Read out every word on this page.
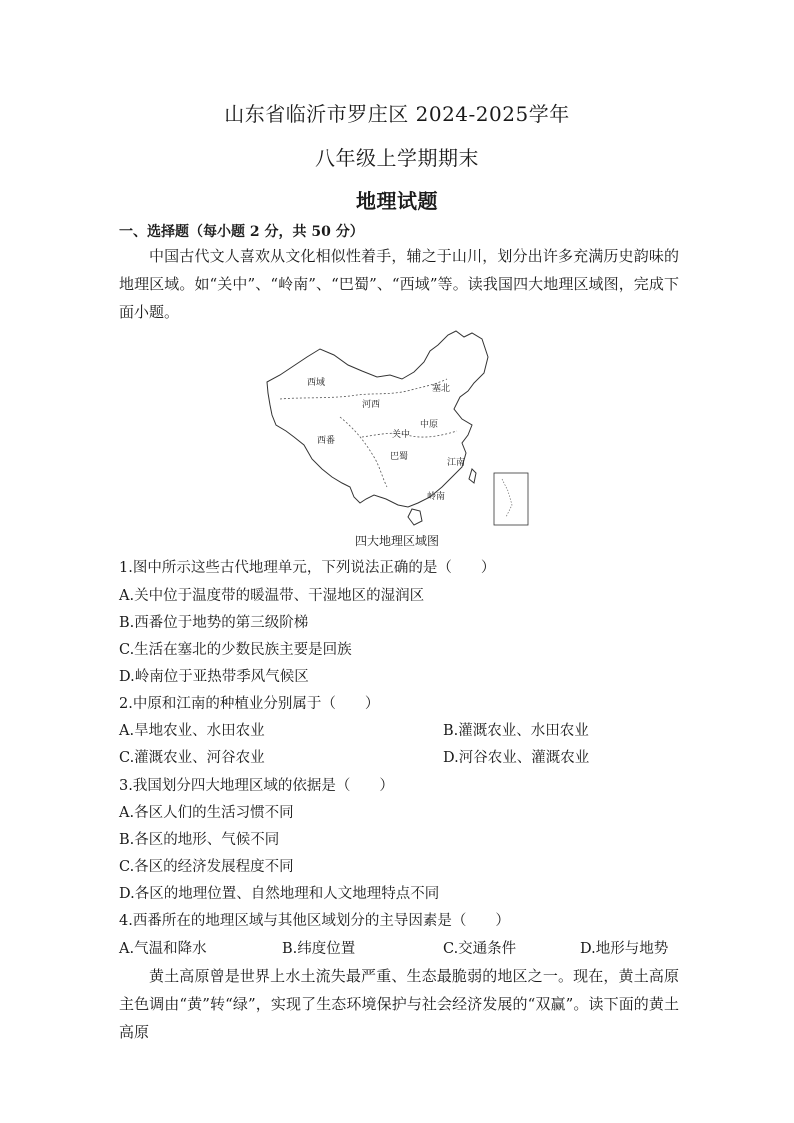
山东省临沂市罗庄区 2024-2025学年
八年级上学期期末
地理试题
一、选择题（每小题 2 分，共 50 分）
中国古代文人喜欢从文化相似性着手，辅之于山川，划分出许多充满历史韵味的地理区域。如“关中”、“岭南”、“巴蜀”、“西域”等。读我国四大地理区域图，完成下面小题。
西域
塞北
河西
中原
西番
关中
巴蜀
江南
岭南
四大地理区域图
1.图中所示这些古代地理单元，下列说法正确的是（　　）
A.关中位于温度带的暖温带、干湿地区的湿润区
B.西番位于地势的第三级阶梯
C.生活在塞北的少数民族主要是回族
D.岭南位于亚热带季风气候区
2.中原和江南的种植业分别属于（　　）
A.旱地农业、水田农业	B.灌溉农业、水田农业
C.灌溉农业、河谷农业	D.河谷农业、灌溉农业
3.我国划分四大地理区域的依据是（　　）
A.各区人们的生活习惯不同
B.各区的地形、气候不同
C.各区的经济发展程度不同
D.各区的地理位置、自然地理和人文地理特点不同
4.西番所在的地理区域与其他区域划分的主导因素是（　　）
A.气温和降水	B.纬度位置	C.交通条件	D.地形与地势
黄土高原曾是世界上水土流失最严重、生态最脆弱的地区之一。现在，黄土高原主色调由“黄”转“绿”，实现了生态环境保护与社会经济发展的“双赢”。读下面的黄土高原
